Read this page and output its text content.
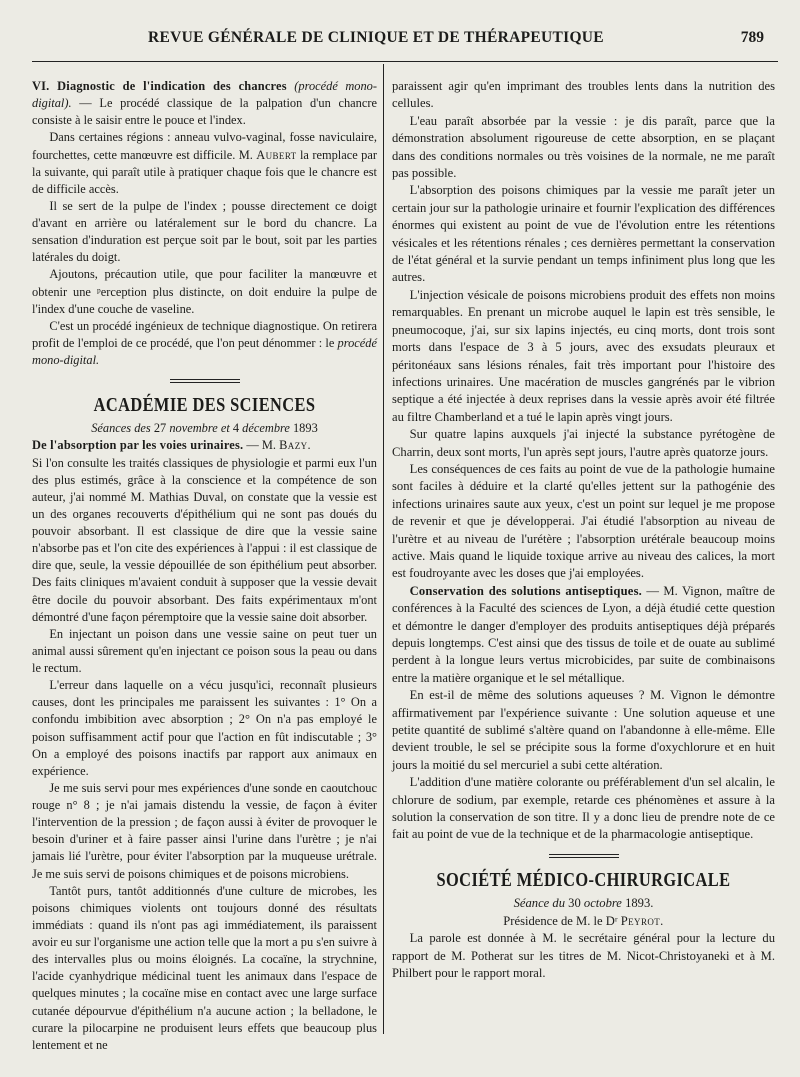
REVUE GÉNÉRALE DE CLINIQUE ET DE THÉRAPEUTIQUE	789

VI. Diagnostic de l'indication des chancres (procédé mono-digital). — Le procédé classique de la palpation d'un chancre consiste à le saisir entre le pouce et l'index.

Dans certaines régions : anneau vulvo-vaginal, fosse naviculaire, fourchettes, cette manœuvre est difficile. M. Aubert la remplace par la suivante, qui paraît utile à pratiquer chaque fois que le chancre est de difficile accès.

Il se sert de la pulpe de l'index ; pousse directement ce doigt d'avant en arrière ou latéralement sur le bord du chancre. La sensation d'induration est perçue soit par le bout, soit par les parties latérales du doigt.

Ajoutons, précaution utile, que pour faciliter la manœuvre et obtenir une ᵖerception plus distincte, on doit enduire la pulpe de l'index d'une couche de vaseline.

C'est un procédé ingénieux de technique diagnostique. On retirera profit de l'emploi de ce procédé, que l'on peut dénommer : le procédé mono-digital.

ACADÉMIE DES SCIENCES

Séances des 27 novembre et 4 décembre 1893

De l'absorption par les voies urinaires. — M. Bazy.

Si l'on consulte les traités classiques de physiologie et parmi eux l'un des plus estimés, grâce à la conscience et la compétence de son auteur, j'ai nommé M. Mathias Duval, on constate que la vessie est un des organes recouverts d'épithélium qui ne sont pas doués du pouvoir absorbant. Il est classique de dire que la vessie saine n'absorbe pas et l'on cite des expériences à l'appui : il est classique de dire que, seule, la vessie dépouillée de son épithélium peut absorber. Des faits cliniques m'avaient conduit à supposer que la vessie devait être docile du pouvoir absorbant. Des faits expérimentaux m'ont démontré d'une façon péremptoire que la vessie saine doit absorber.

En injectant un poison dans une vessie saine on peut tuer un animal aussi sûrement qu'en injectant ce poison sous la peau ou dans le rectum.

L'erreur dans laquelle on a vécu jusqu'ici, reconnaît plusieurs causes, dont les principales me paraissent les suivantes : 1° On a confondu imbibition avec absorption ; 2° On n'a pas employé le poison suffisamment actif pour que l'action en fût indiscutable ; 3° On a employé des poisons inactifs par rapport aux animaux en expérience.

Je me suis servi pour mes expériences d'une sonde en caoutchouc rouge n° 8 ; je n'ai jamais distendu la vessie, de façon à éviter l'intervention de la pression ; de façon aussi à éviter de provoquer le besoin d'uriner et à faire passer ainsi l'urine dans l'urètre ; je n'ai jamais lié l'urètre, pour éviter l'absorption par la muqueuse urétrale. Je me suis servi de poisons chimiques et de poisons microbiens.

Tantôt purs, tantôt additionnés d'une culture de microbes, les poisons chimiques violents ont toujours donné des résultats immédiats : quand ils n'ont pas agi immédiatement, ils paraissent avoir eu sur l'organisme une action telle que la mort a pu s'en suivre à des intervalles plus ou moins éloignés. La cocaïne, la strychnine, l'acide cyanhydrique médicinal tuent les animaux dans l'espace de quelques minutes ; la cocaïne mise en contact avec une large surface cutanée dépourvue d'épithélium n'a aucune action ; la belladone, le curare la pilocarpine ne produisent leurs effets que beaucoup plus lentement et ne

paraissent agir qu'en imprimant des troubles lents dans la nutrition des cellules.

L'eau paraît absorbée par la vessie : je dis paraît, parce que la démonstration absolument rigoureuse de cette absorption, en se plaçant dans des conditions normales ou très voisines de la normale, ne me paraît pas possible.

L'absorption des poisons chimiques par la vessie me paraît jeter un certain jour sur la pathologie urinaire et fournir l'explication des différences énormes qui existent au point de vue de l'évolution entre les rétentions vésicales et les rétentions rénales ; ces dernières permettant la conservation de l'état général et la survie pendant un temps infiniment plus long que les autres.

L'injection vésicale de poisons microbiens produit des effets non moins remarquables. En prenant un microbe auquel le lapin est très sensible, le pneumocoque, j'ai, sur six lapins injectés, eu cinq morts, dont trois sont morts dans l'espace de 3 à 5 jours, avec des exsudats pleuraux et péritonéaux sans lésions rénales, fait très important pour l'histoire des infections urinaires. Une macération de muscles gangrénés par le vibrion septique a été injectée à deux reprises dans la vessie après avoir été filtrée au filtre Chamberland et a tué le lapin après vingt jours.

Sur quatre lapins auxquels j'ai injecté la substance pyrétogène de Charrin, deux sont morts, l'un après sept jours, l'autre après quatorze jours.

Les conséquences de ces faits au point de vue de la pathologie humaine sont faciles à déduire et la clarté qu'elles jettent sur la pathogénie des infections urinaires saute aux yeux, c'est un point sur lequel je me propose de revenir et que je développerai. J'ai étudié l'absorption au niveau de l'urètre et au niveau de l'urétère ; l'absorption urétérale beaucoup moins active. Mais quand le liquide toxique arrive au niveau des calices, la mort est foudroyante avec les doses que j'ai employées.

Conservation des solutions antiseptiques. — M. Vignon, maître de conférences à la Faculté des sciences de Lyon, a déjà étudié cette question et démontre le danger d'employer des produits antiseptiques déjà préparés depuis longtemps. C'est ainsi que des tissus de toile et de ouate au sublimé perdent à la longue leurs vertus microbicides, par suite de combinaisons entre la matière organique et le sel métallique.

En est-il de même des solutions aqueuses ? M. Vignon le démontre affirmativement par l'expérience suivante : Une solution aqueuse et une petite quantité de sublimé s'altère quand on l'abandonne à elle-même. Elle devient trouble, le sel se précipite sous la forme d'oxychlorure et en huit jours la moitié du sel mercuriel a subi cette altération.

L'addition d'une matière colorante ou préférablement d'un sel alcalin, le chlorure de sodium, par exemple, retarde ces phénomènes et assure à la solution la conservation de son titre. Il y a donc lieu de prendre note de ce fait au point de vue de la technique et de la pharmacologie antiseptique.

SOCIÉTÉ MÉDICO-CHIRURGICALE

Séance du 30 octobre 1893.

Présidence de M. le Dʳ Peyrot.

La parole est donnée à M. le secrétaire général pour la lecture du rapport de M. Potherat sur les titres de M. Nicot-Christoyaneki et à M. Philbert pour le rapport moral.
